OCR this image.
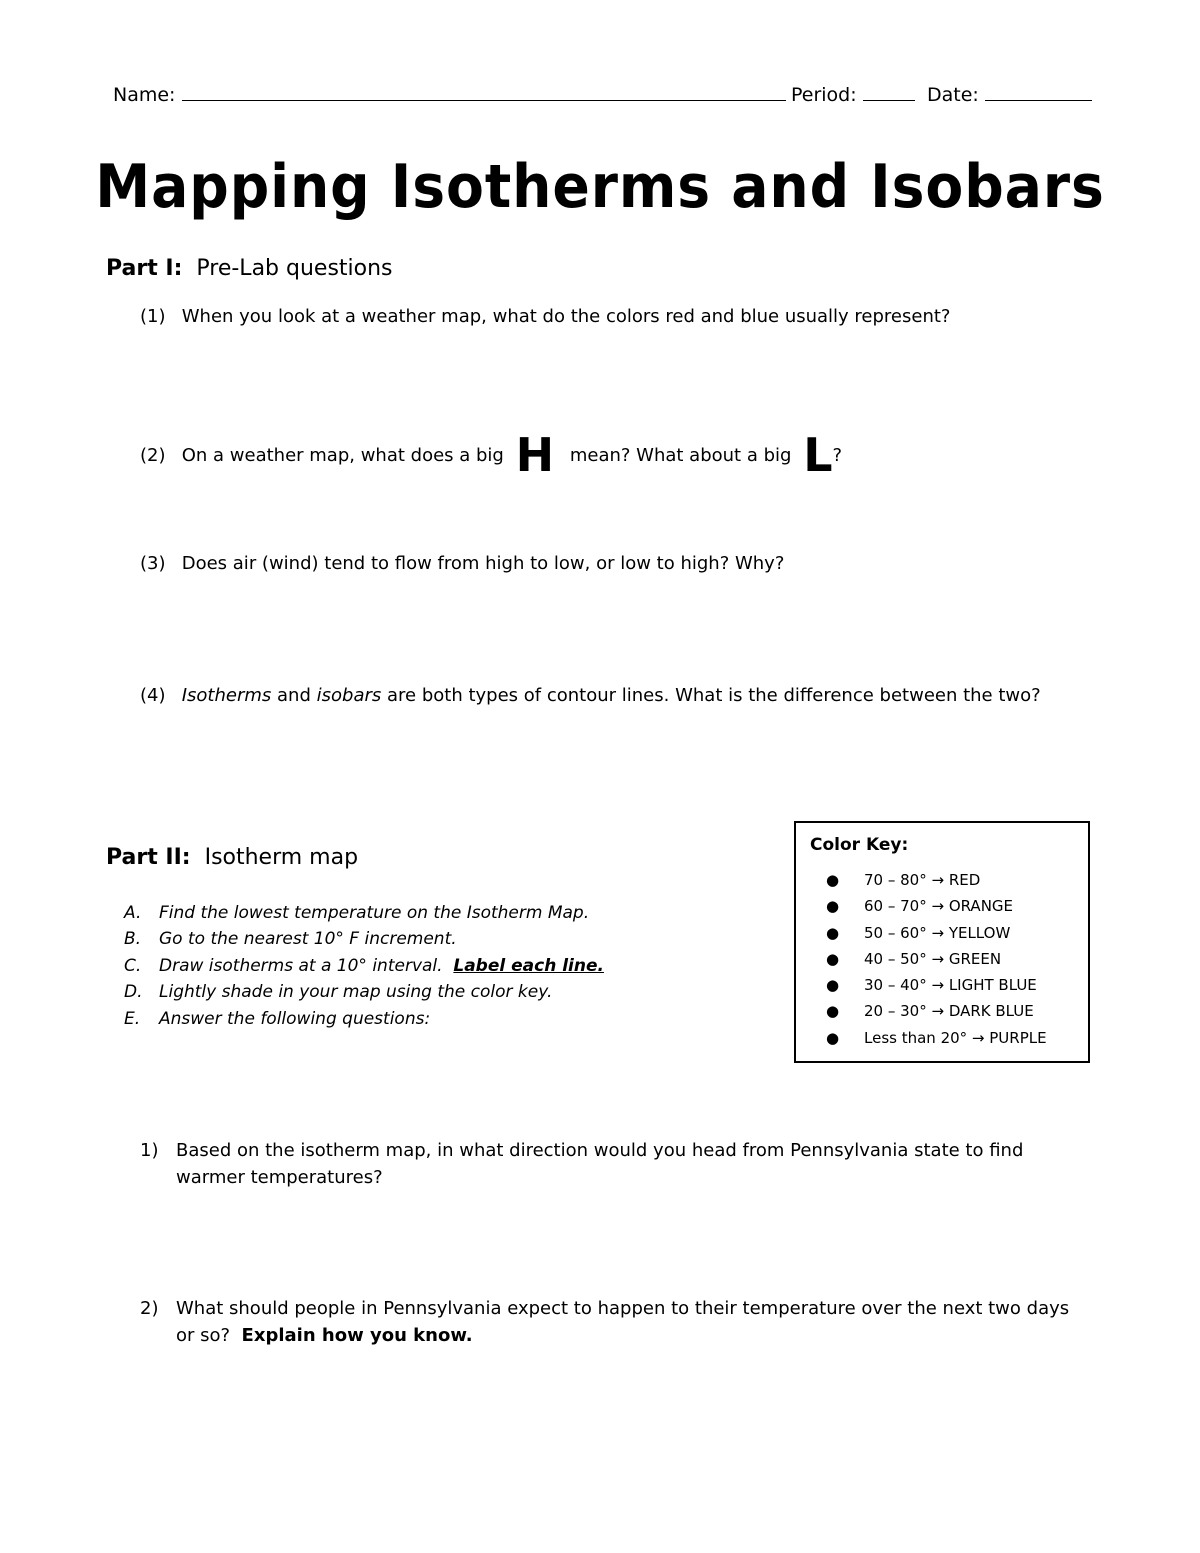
Name:	Period:	Date:
Mapping Isotherms and Isobars
Part I: Pre-Lab questions
(1) When you look at a weather map, what do the colors red and blue usually represent?
(2) On a weather map, what does a big H mean? What about a big L?
(3) Does air (wind) tend to flow from high to low, or low to high? Why?
(4) Isotherms and isobars are both types of contour lines. What is the difference between the two?
Part II: Isotherm map
A. Find the lowest temperature on the Isotherm Map.
B. Go to the nearest 10° F increment.
C. Draw isotherms at a 10° interval. Label each line.
D. Lightly shade in your map using the color key.
E. Answer the following questions:
Color Key:
● 70 – 80° → RED
● 60 – 70° → ORANGE
● 50 – 60° → YELLOW
● 40 – 50° → GREEN
● 30 – 40° → LIGHT BLUE
● 20 – 30° → DARK BLUE
● Less than 20° → PURPLE
1) Based on the isotherm map, in what direction would you head from Pennsylvania state to find warmer temperatures?
2) What should people in Pennsylvania expect to happen to their temperature over the next two days or so? Explain how you know.
